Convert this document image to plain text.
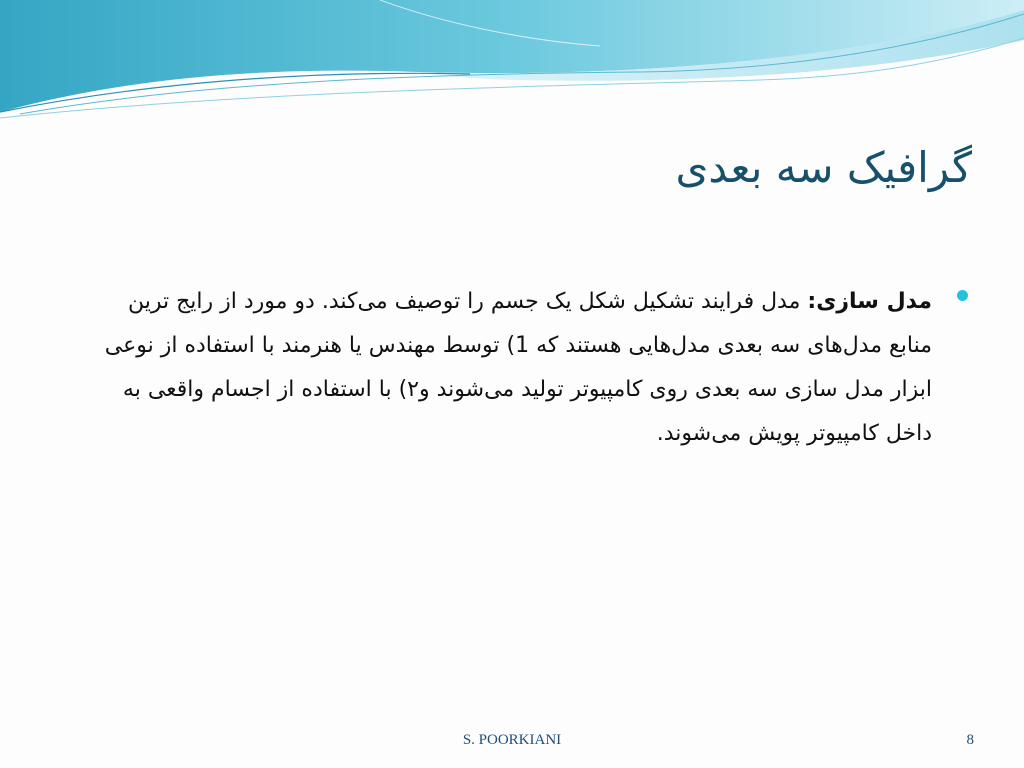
گرافیک سه بعدی
مدل سازی: مدل فرایند تشکیل شکل یک جسم را توصیف می‌کند. دو مورد از رایج ترین منابع مدل‌های سه بعدی مدل‌هایی هستند که 1) توسط مهندس یا هنرمند با استفاده از نوعی ابزار مدل سازی سه بعدی روی کامپیوتر تولید می‌شوند و۲) با استفاده از اجسام واقعی به داخل کامپیوتر پویش می‌شوند.
S. POORKIANI	8
